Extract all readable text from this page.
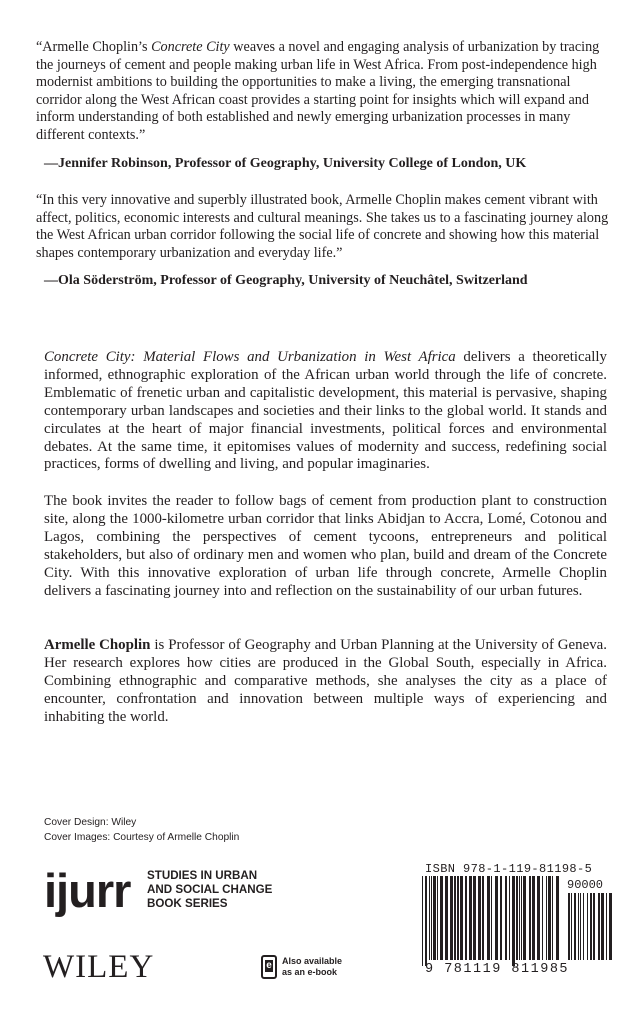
“Armelle Choplin’s Concrete City weaves a novel and engaging analysis of urbanization by tracing the journeys of cement and people making urban life in West Africa. From post-independence high modernist ambitions to building the opportunities to make a living, the emerging transnational corridor along the West African coast provides a starting point for insights which will expand and inform understanding of both established and newly emerging urbanization processes in many different contexts.”
—Jennifer Robinson, Professor of Geography, University College of London, UK
“In this very innovative and superbly illustrated book, Armelle Choplin makes cement vibrant with affect, politics, economic interests and cultural meanings. She takes us to a fascinating journey along the West African urban corridor following the social life of concrete and showing how this material shapes contemporary urbanization and everyday life.”
—Ola Söderström, Professor of Geography, University of Neuchâtel, Switzerland
Concrete City: Material Flows and Urbanization in West Africa delivers a theoretically informed, ethnographic exploration of the African urban world through the life of concrete. Emblematic of frenetic urban and capitalistic development, this material is pervasive, shaping contemporary urban landscapes and societies and their links to the global world. It stands and circulates at the heart of major financial investments, political forces and environmental debates. At the same time, it epitomises values of modernity and success, redefining social practices, forms of dwelling and living, and popular imaginaries.
The book invites the reader to follow bags of cement from production plant to construction site, along the 1000-kilometre urban corridor that links Abidjan to Accra, Lomé, Cotonou and Lagos, combining the perspectives of cement tycoons, entrepreneurs and political stakeholders, but also of ordinary men and women who plan, build and dream of the Concrete City. With this innovative exploration of urban life through concrete, Armelle Choplin delivers a fascinating journey into and reflection on the sustainability of our urban futures.
Armelle Choplin is Professor of Geography and Urban Planning at the University of Geneva. Her research explores how cities are produced in the Global South, especially in Africa. Combining ethnographic and comparative methods, she analyses the city as a place of encounter, confrontation and innovation between multiple ways of experiencing and inhabiting the world.
Cover Design: Wiley
Cover Images: Courtesy of Armelle Choplin
ijurr STUDIES IN URBAN
AND SOCIAL CHANGE
BOOK SERIES
WILEY	e Also available
as an e-book
ISBN 978-1-119-81198-5
90000
9 781119 811985
